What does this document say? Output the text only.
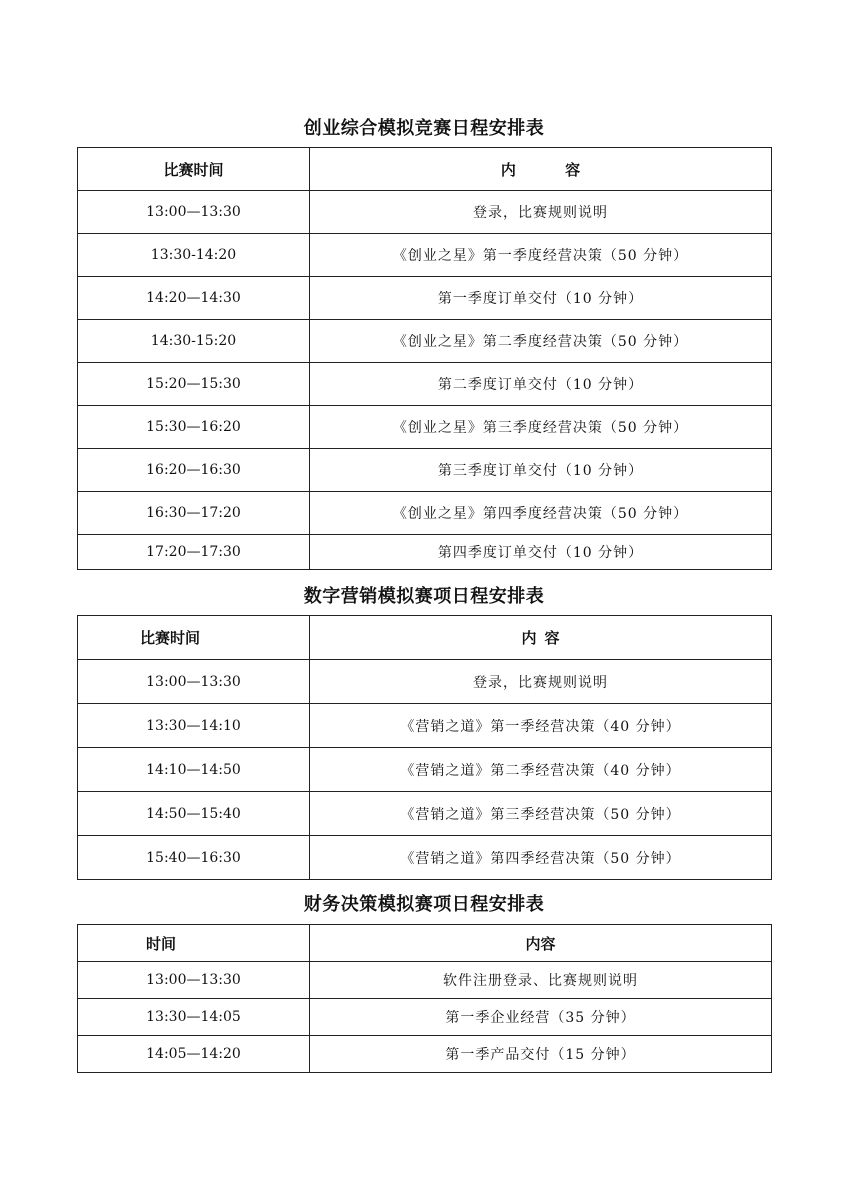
创业综合模拟竞赛日程安排表
比赛时间	内 容
13:00—13:30	登录，比赛规则说明
13:30-14:20	《创业之星》第一季度经营决策（50 分钟）
14:20—14:30	第一季度订单交付（10 分钟）
14:30-15:20	《创业之星》第二季度经营决策（50 分钟）
15:20—15:30	第二季度订单交付（10 分钟）
15:30—16:20	《创业之星》第三季度经营决策（50 分钟）
16:20—16:30	第三季度订单交付（10 分钟）
16:30—17:20	《创业之星》第四季度经营决策（50 分钟）
17:20—17:30	第四季度订单交付（10 分钟）
数字营销模拟赛项日程安排表
比赛时间	内容
13:00—13:30	登录，比赛规则说明
13:30—14:10	《营销之道》第一季经营决策（40 分钟）
14:10—14:50	《营销之道》第二季经营决策（40 分钟）
14:50—15:40	《营销之道》第三季经营决策（50 分钟）
15:40—16:30	《营销之道》第四季经营决策（50 分钟）
财务决策模拟赛项日程安排表
时间	内容
13:00—13:30	软件注册登录、比赛规则说明
13:30—14:05	第一季企业经营（35 分钟）
14:05—14:20	第一季产品交付（15 分钟）
